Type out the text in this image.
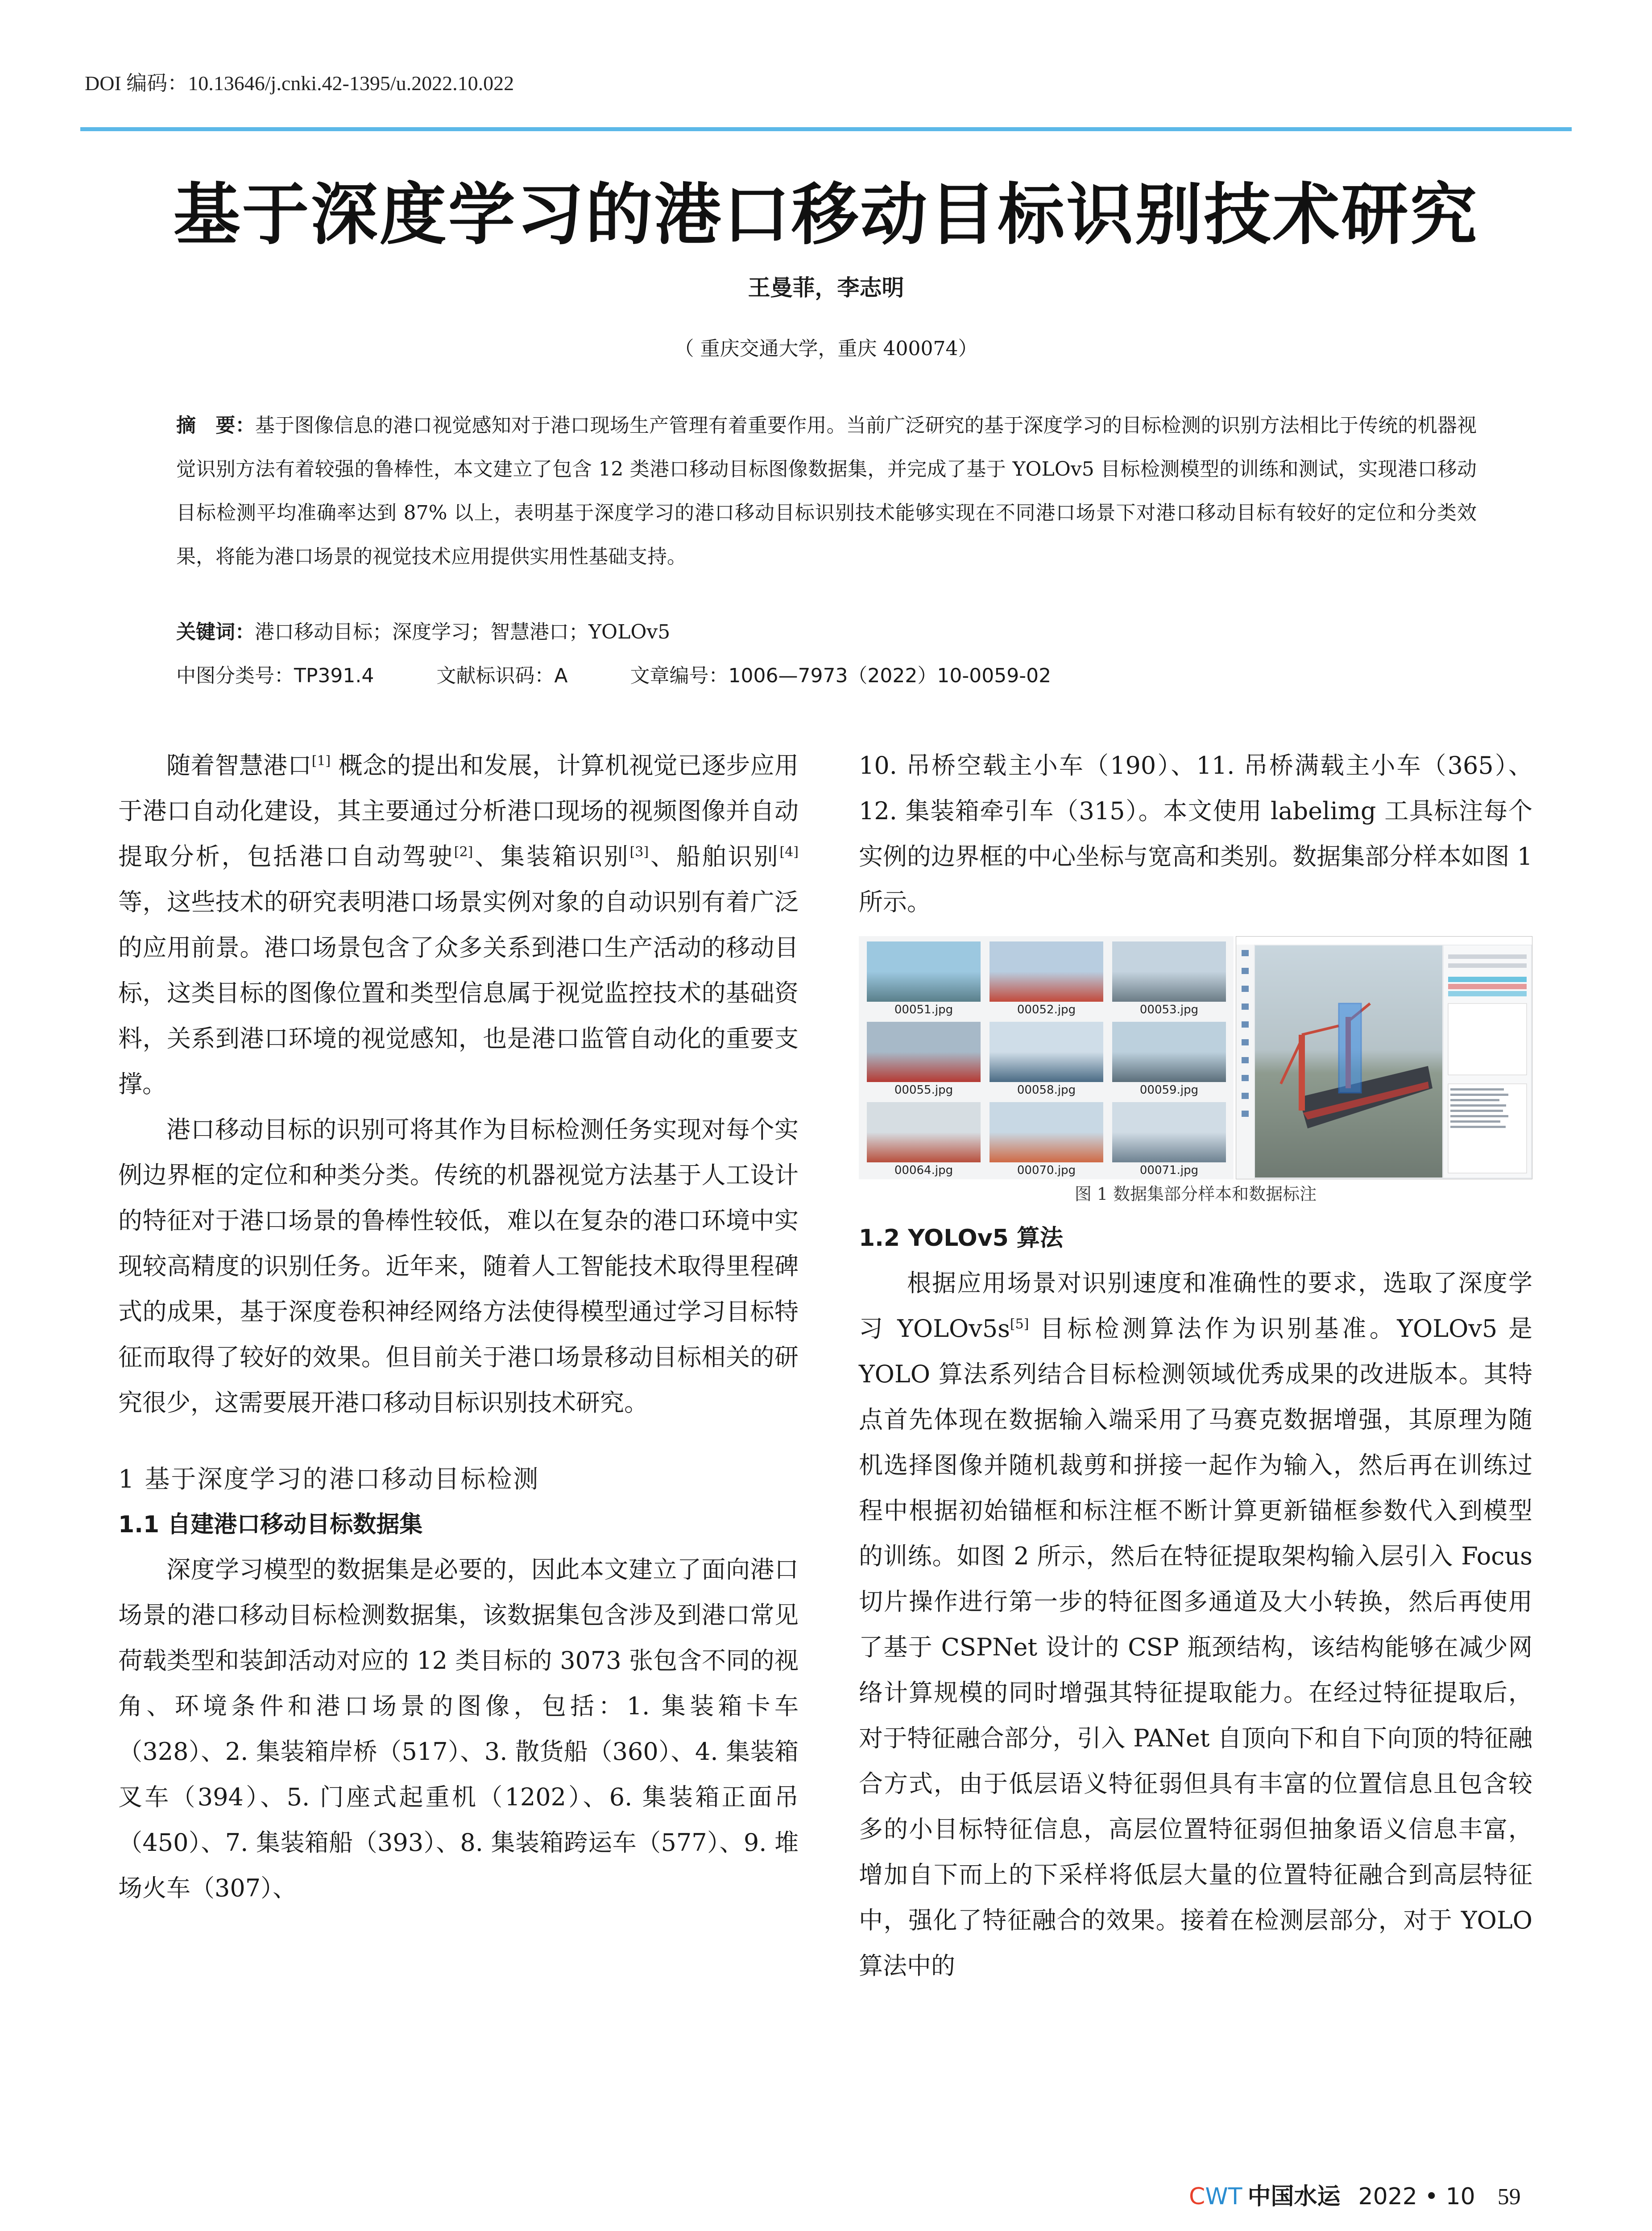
DOI 编码：10.13646/j.cnki.42-1395/u.2022.10.022
基于深度学习的港口移动目标识别技术研究
王曼菲，李志明
（ 重庆交通大学，重庆 400074）
摘　要：基于图像信息的港口视觉感知对于港口现场生产管理有着重要作用。当前广泛研究的基于深度学习的目标检测的识别方法相比于传统的机器视觉识别方法有着较强的鲁棒性，本文建立了包含 12 类港口移动目标图像数据集，并完成了基于 YOLOv5 目标检测模型的训练和测试，实现港口移动目标检测平均准确率达到 87% 以上，表明基于深度学习的港口移动目标识别技术能够实现在不同港口场景下对港口移动目标有较好的定位和分类效果，将能为港口场景的视觉技术应用提供实用性基础支持。
关键词：港口移动目标；深度学习；智慧港口；YOLOv5
中图分类号：TP391.4	文献标识码：A	文章编号：1006—7973（2022）10-0059-02

随着智慧港口[1] 概念的提出和发展，计算机视觉已逐步应用于港口自动化建设，其主要通过分析港口现场的视频图像并自动提取分析，包括港口自动驾驶[2]、集装箱识别[3]、船舶识别[4] 等，这些技术的研究表明港口场景实例对象的自动识别有着广泛的应用前景。港口场景包含了众多关系到港口生产活动的移动目标，这类目标的图像位置和类型信息属于视觉监控技术的基础资料，关系到港口环境的视觉感知，也是港口监管自动化的重要支撑。

港口移动目标的识别可将其作为目标检测任务实现对每个实例边界框的定位和种类分类。传统的机器视觉方法基于人工设计的特征对于港口场景的鲁棒性较低，难以在复杂的港口环境中实现较高精度的识别任务。近年来，随着人工智能技术取得里程碑式的成果，基于深度卷积神经网络方法使得模型通过学习目标特征而取得了较好的效果。但目前关于港口场景移动目标相关的研究很少，这需要展开港口移动目标识别技术研究。

1 基于深度学习的港口移动目标检测
1.1 自建港口移动目标数据集

深度学习模型的数据集是必要的，因此本文建立了面向港口场景的港口移动目标检测数据集，该数据集包含涉及到港口常见荷载类型和装卸活动对应的 12 类目标的 3073 张包含不同的视角、环境条件和港口场景的图像，包括：1. 集装箱卡车（328）、2. 集装箱岸桥（517）、3. 散货船（360）、4. 集装箱叉车（394）、5. 门座式起重机（1202）、6. 集装箱正面吊（450）、7. 集装箱船（393）、8. 集装箱跨运车（577）、9. 堆场火车（307）、

10. 吊桥空载主小车（190）、11. 吊桥满载主小车（365）、12. 集装箱牵引车（315）。本文使用 labelimg 工具标注每个实例的边界框的中心坐标与宽高和类别。数据集部分样本如图 1 所示。

00051.jpg	00052.jpg	00053.jpg
00055.jpg	00058.jpg	00059.jpg
00064.jpg	00070.jpg	00071.jpg
图 1 数据集部分样本和数据标注
1.2 YOLOv5 算法

根据应用场景对识别速度和准确性的要求，选取了深度学习 YOLOv5s[5] 目标检测算法作为识别基准。YOLOv5 是 YOLO 算法系列结合目标检测领域优秀成果的改进版本。其特点首先体现在数据输入端采用了马赛克数据增强，其原理为随机选择图像并随机裁剪和拼接一起作为输入，然后再在训练过程中根据初始锚框和标注框不断计算更新锚框参数代入到模型的训练。如图 2 所示，然后在特征提取架构输入层引入 Focus 切片操作进行第一步的特征图多通道及大小转换，然后再使用了基于 CSPNet 设计的 CSP 瓶颈结构，该结构能够在减少网络计算规模的同时增强其特征提取能力。在经过特征提取后，对于特征融合部分，引入 PANet 自顶向下和自下向顶的特征融合方式，由于低层语义特征弱但具有丰富的位置信息且包含较多的小目标特征信息，高层位置特征弱但抽象语义信息丰富，增加自下而上的下采样将低层大量的位置特征融合到高层特征中，强化了特征融合的效果。接着在检测层部分，对于 YOLO 算法中的

CWT 中国水运 2022 • 10 59
